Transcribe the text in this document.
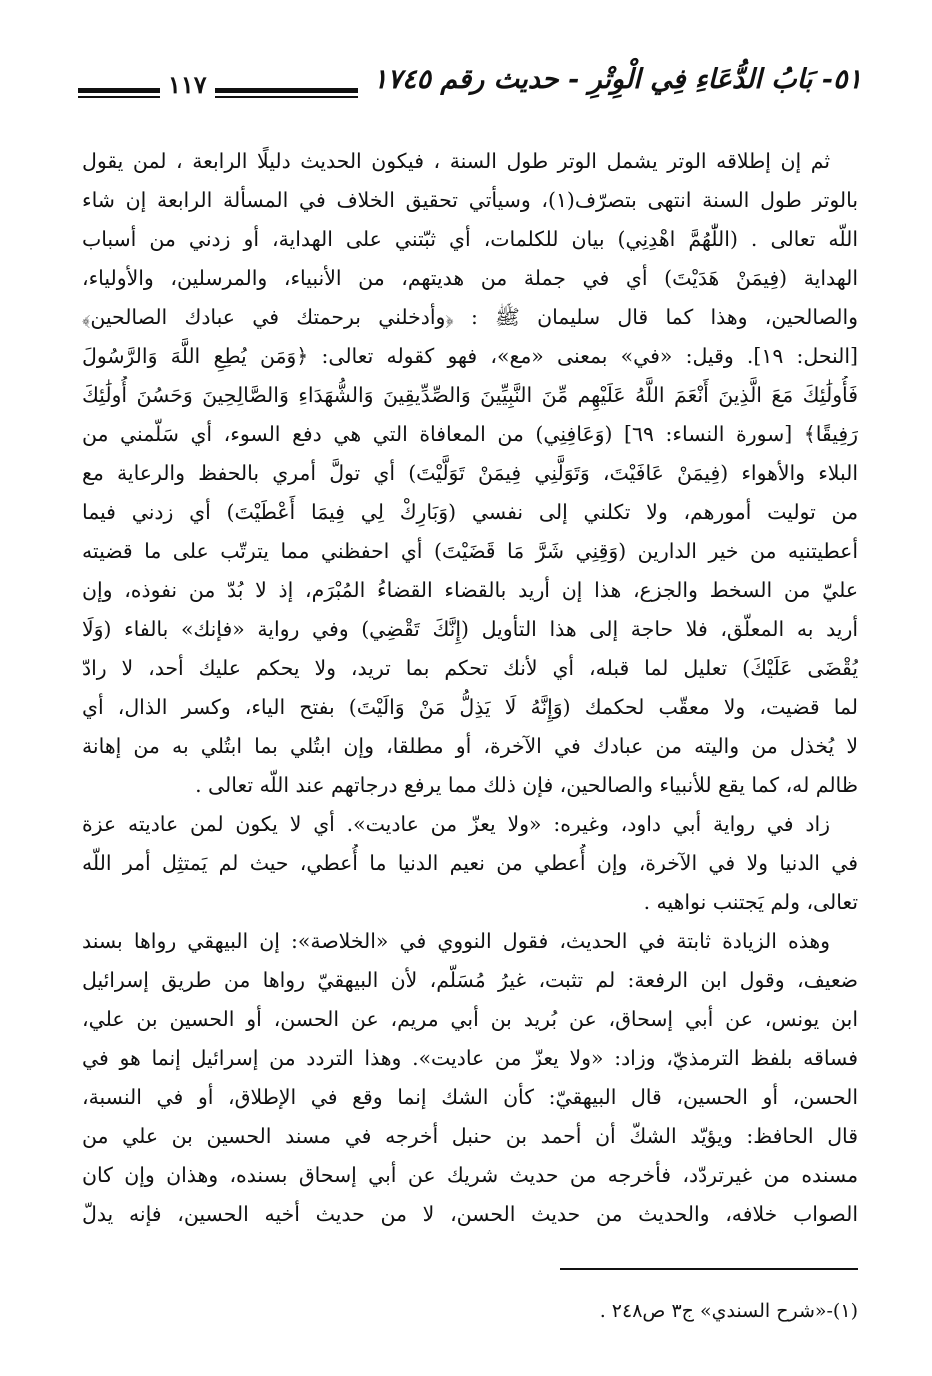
١١٧	٥١- بَابُ الدُّعَاءِ فِي الْوِتْرِ - حديث رقم ١٧٤٥
ثم إن إطلاقه الوتر يشمل الوتر طول السنة ، فيكون الحديث دليلًا الرابعة ، لمن يقول
بالوتر طول السنة انتهى بتصرّف(١)، وسيأتي تحقيق الخلاف في المسألة الرابعة إن شاء
اللّه تعالى . (اللّٰهُمَّ اهْدِنِي) بيان للكلمات، أي ثبّتني على الهداية، أو زدني من أسباب
الهداية (فِيمَنْ هَدَيْتَ) أي في جملة من هديتهم، من الأنبياء، والمرسلين، والأولياء،
والصالحين، وهذا كما قال سليمان ﷺ : ﴿وأدخلني برحمتك في عبادك الصالحين﴾
[النحل: ١٩]. وقيل: «في» بمعنى «مع»، فهو كقوله تعالى: ﴿وَمَن يُطِعِ اللَّهَ وَالرَّسُولَ
فَأُولَٰئِكَ مَعَ الَّذِينَ أَنْعَمَ اللَّهُ عَلَيْهِم مِّنَ النَّبِيِّينَ وَالصِّدِّيقِينَ وَالشُّهَدَاءِ وَالصَّالِحِينَ وَحَسُنَ أُولَٰئِكَ
رَفِيقًا﴾ [سورة النساء: ٦٩] (وَعَافِنِي) من المعافاة التي هي دفع السوء، أي سَلّمني من
البلاء والأهواء (فِيمَنْ عَافَيْتَ، وَتَوَلَّنِي فِيمَنْ تَوَلَّيْتَ) أي تولَّ أمري بالحفظ والرعاية مع
من توليت أمورهم، ولا تكلني إلى نفسي (وَبَارِكْ لِي فِيمَا أَعْطَيْتَ) أي زدني فيما
أعطيتنيه من خير الدارين (وَقِنِي شَرَّ مَا قَضَيْتَ) أي احفظني مما يترتّب على ما قضيته
عليّ من السخط والجزع، هذا إن أريد بالقضاء القضاءُ المُبْرَم، إذ لا بُدّ من نفوذه، وإن
أريد به المعلّق، فلا حاجة إلى هذا التأويل (إِنَّكَ تَقْضِي) وفي رواية «فإنك» بالفاء (وَلَا
يُقْضَى عَلَيْكَ) تعليل لما قبله، أي لأنك تحكم بما تريد، ولا يحكم عليك أحد، لا رادّ
لما قضيت، ولا معقّب لحكمك (وَإِنَّهُ لَا يَذِلُّ مَنْ وَالَيْتَ) بفتح الياء، وكسر الذال، أي
لا يُخذل من واليته من عبادك في الآخرة، أو مطلقا، وإن ابتُلي بما ابتُلي به من إهانة
ظالم له، كما يقع للأنبياء والصالحين، فإن ذلك مما يرفع درجاتهم عند اللّه تعالى .
زاد في رواية أبي داود، وغيره: «ولا يعزّ من عاديت». أي لا يكون لمن عاديته عزة
في الدنيا ولا في الآخرة، وإن أُعطي من نعيم الدنيا ما أُعطي، حيث لم يَمتثِل أمر اللّه
تعالى، ولم يَجتنب نواهيه .
وهذه الزيادة ثابتة في الحديث، فقول النووي في «الخلاصة»: إن البيهقي رواها بسند
ضعيف، وقول ابن الرفعة: لم تثبت، غيرُ مُسَلّم، لأن البيهقيّ رواها من طريق إسرائيل
ابن يونس، عن أبي إسحاق، عن بُريد بن أبي مريم، عن الحسن، أو الحسين بن علي،
فساقه بلفظ الترمذيّ، وزاد: «ولا يعزّ من عاديت». وهذا التردد من إسرائيل إنما هو في
الحسن، أو الحسين، قال البيهقيّ: كأن الشك إنما وقع في الإطلاق، أو في النسبة،
قال الحافظ: ويؤيّد الشكّ أن أحمد بن حنبل أخرجه في مسند الحسين بن علي من
مسنده من غيرتردّد، فأخرجه من حديث شريك عن أبي إسحاق بسنده، وهذان وإن كان
الصواب خلافه، والحديث من حديث الحسن، لا من حديث أخيه الحسين، فإنه يدلّ
(١)-«شرح السندي» ج٣ ص٢٤٨ .
